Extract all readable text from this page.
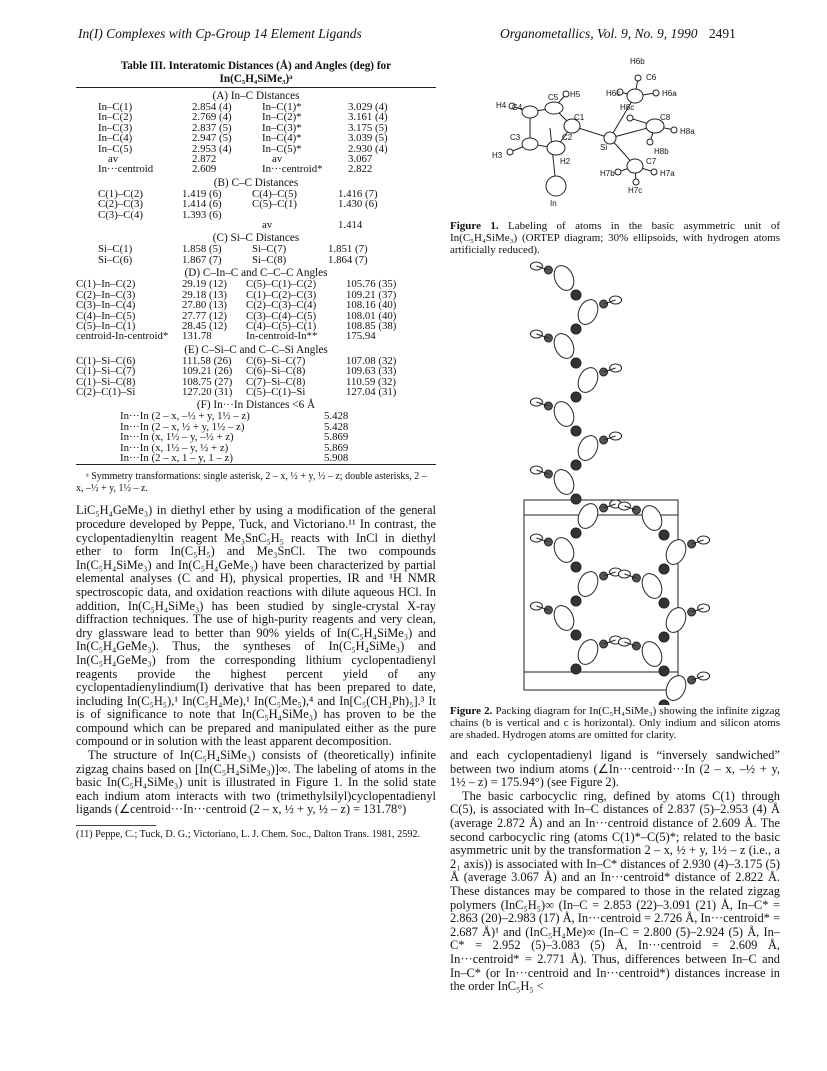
In(I) Complexes with Cp-Group 14 Element Ligands	Organometallics, Vol. 9, No. 9, 1990 2491
Table III. Interatomic Distances (Å) and Angles (deg) for
In(C₅H₄SiMe₃)ᵃ
(A) In–C Distances
In–C(1)	2.854 (4)	In–C(1)*	3.029 (4)
In–C(2)	2.769 (4)	In–C(2)*	3.161 (4)
In–C(3)	2.837 (5)	In–C(3)*	3.175 (5)
In–C(4)	2.947 (5)	In–C(4)*	3.039 (5)
In–C(5)	2.953 (4)	In–C(5)*	2.930 (4)
av	2.872	av	3.067
In···centroid	2.609	In···centroid*	2.822
(B) C–C Distances
C(1)–C(2)	1.419 (6)	C(4)–C(5)	1.416 (7)
C(2)–C(3)	1.414 (6)	C(5)–C(1)	1.430 (6)
C(3)–C(4)	1.393 (6)		
		av	1.414
(C) Si–C Distances
Si–C(1)	1.858 (5)	Si–C(7)	1.851 (7)
Si–C(6)	1.867 (7)	Si–C(8)	1.864 (7)
(D) C–In–C and C–C–C Angles
C(1)–In–C(2)	29.19 (12)	C(5)–C(1)–C(2)	105.76 (35)
C(2)–In–C(3)	29.18 (13)	C(1)–C(2)–C(3)	109.21 (37)
C(3)–In–C(4)	27.80 (13)	C(2)–C(3)–C(4)	108.16 (40)
C(4)–In–C(5)	27.77 (12)	C(3)–C(4)–C(5)	108.01 (40)
C(5)–In–C(1)	28.45 (12)	C(4)–C(5)–C(1)	108.85 (38)
centroid-In-centroid*	131.78	In-centroid-In**	175.94
(E) C–Si–C and C–C–Si Angles
C(1)–Si–C(6)	111.58 (26)	C(6)–Si–C(7)	107.08 (32)
C(1)–Si–C(7)	109.21 (26)	C(6)–Si–C(8)	109.63 (33)
C(1)–Si–C(8)	108.75 (27)	C(7)–Si–C(8)	110.59 (32)
C(2)–C(1)–Si	127.20 (31)	C(5)–C(1)–Si	127.04 (31)
(F) In···In Distances <6 Å
In···In (2 – x, –½ + y, 1½ – z)	5.428
In···In (2 – x, ½ + y, 1½ – z)	5.428
In···In (x, 1½ – y, –½ + z)	5.869
In···In (x, 1½ – y, ½ + z)	5.869
In···In (2 – x, 1 – y, 1 – z)	5.908
ᵃ Symmetry transformations: single asterisk, 2 – x, ½ + y, ½ – z; double asterisks, 2 – x, –½ + y, 1½ – z.

LiC₅H₄GeMe₃) in diethyl ether by using a modification of the general procedure developed by Peppe, Tuck, and Victoriano.¹¹ In contrast, the cyclopentadienyltin reagent Me₃SnC₅H₅ reacts with InCl in diethyl ether to form In(C₅H₅) and Me₃SnCl. The two compounds In(C₅H₄SiMe₃) and In(C₅H₄GeMe₃) have been characterized by partial elemental analyses (C and H), physical properties, IR and ¹H NMR spectroscopic data, and oxidation reactions with dilute aqueous HCl. In addition, In(C₅H₄SiMe₃) has been studied by single-crystal X-ray diffraction techniques. The use of high-purity reagents and very clean, dry glassware lead to better than 90% yields of In(C₅H₄SiMe₃) and In(C₅H₄GeMe₃). Thus, the syntheses of In(C₅H₄SiMe₃) and In(C₅H₄GeMe₃) from the corresponding lithium cyclopentadienyl reagents provide the highest percent yield of any cyclopentadienylindium(I) derivative that has been prepared to date, including In(C₅H₅),¹ In(C₅H₄Me),¹ In(C₅Me₅),⁴ and In[C₅(CH₂Ph)₅].³ It is of significance to note that In(C₅H₄SiMe₃) has proven to be the compound which can be prepared and manipulated either as the pure compound or in solution with the least apparent decomposition.

The structure of In(C₅H₄SiMe₃) consists of (theoretically) infinite zigzag chains based on [In(C₅H₄SiMe₃)]∞. The labeling of atoms in the basic In(C₅H₄SiMe₃) unit is illustrated in Figure 1. In the solid state each indium atom interacts with two (trimethylsilyl)cyclopentadienyl ligands (∠centroid···In···centroid (2 – x, ½ + y, ½ – z) = 131.78°)

(11) Peppe, C.; Tuck, D. G.; Victoriano, L. J. Chem. Soc., Dalton Trans. 1981, 2592.
H6b
C6
H5	H6c	H6a
H4 C4
C5
H8c
C1	C8
H8a
C3	C2
Si	H8b
H3
H2	C7
H7b	H7a
In
H7c
Figure 1. Labeling of atoms in the basic asymmetric unit of In(C₅H₄SiMe₃) (ORTEP diagram; 30% ellipsoids, with hydrogen atoms artificially reduced).
Figure 2. Packing diagram for In(C₅H₄SiMe₃) showing the infinite zigzag chains (b is vertical and c is horizontal). Only indium and silicon atoms are shaded. Hydrogen atoms are omitted for clarity.

and each cyclopentadienyl ligand is “inversely sandwiched” between two indium atoms (∠In···centroid···In (2 – x, –½ + y, 1½ – z) = 175.94°) (see Figure 2).

The basic carbocyclic ring, defined by atoms C(1) through C(5), is associated with In–C distances of 2.837 (5)–2.953 (4) Å (average 2.872 Å) and an In···centroid distance of 2.609 Å. The second carbocyclic ring (atoms C(1)*–C(5)*; related to the basic asymmetric unit by the transformation 2 – x, ½ + y, 1½ – z (i.e., a 2₁ axis)) is associated with In–C* distances of 2.930 (4)–3.175 (5) Å (average 3.067 Å) and an In···centroid* distance of 2.822 Å. These distances may be compared to those in the related zigzag polymers (InC₅H₅)∞ (In–C = 2.853 (22)–3.091 (21) Å, In–C* = 2.863 (20)–2.983 (17) Å, In···centroid = 2.726 Å, In···centroid* = 2.687 Å)¹ and (InC₅H₄Me)∞ (In–C = 2.800 (5)–2.924 (5) Å, In–C* = 2.952 (5)–3.083 (5) Å, In···centroid = 2.609 Å, In···centroid* = 2.771 Å). Thus, differences between In–C and In–C* (or In···centroid and In···centroid*) distances increase in the order InC₅H₅ <
